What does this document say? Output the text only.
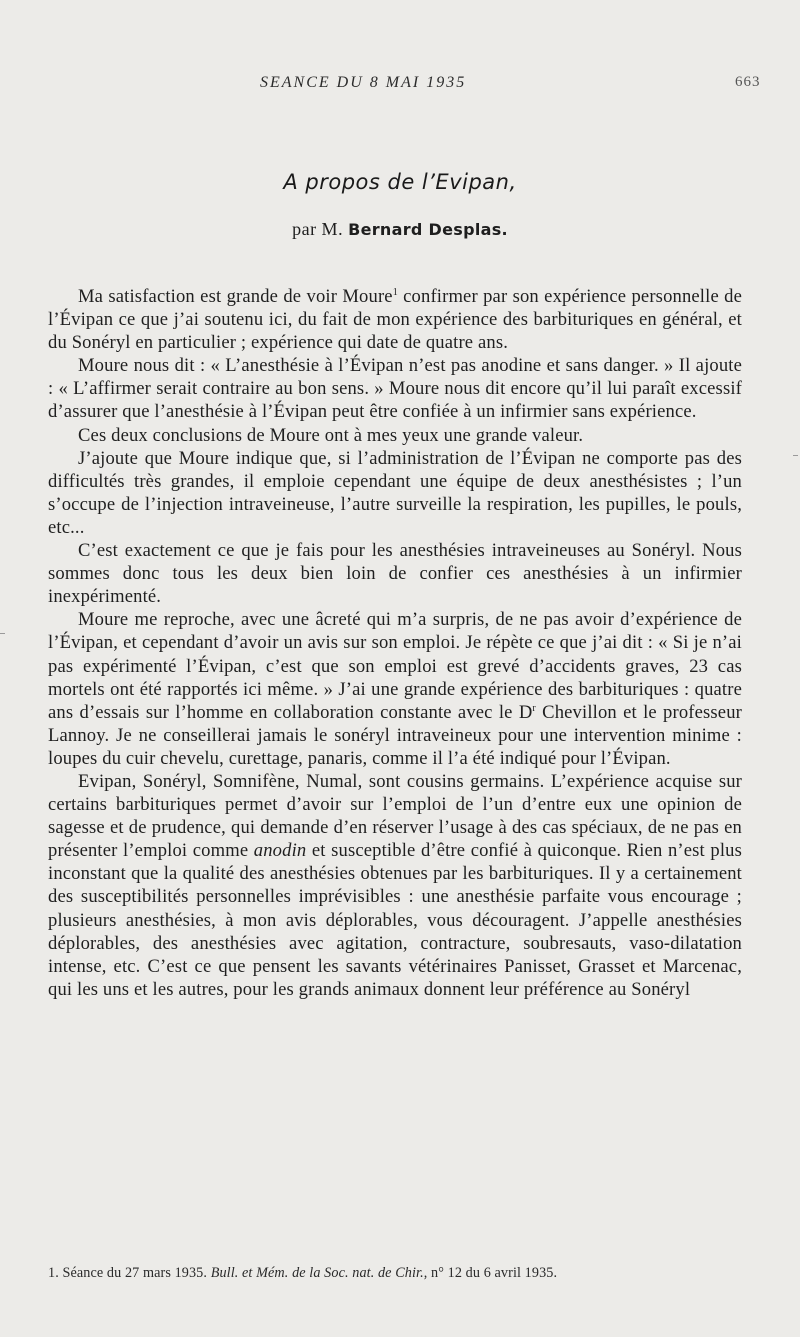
SEANCE DU 8 MAI 1935	663
A propos de l’Evipan,
par M. Bernard Desplas.

Ma satisfaction est grande de voir Moure$^1$ confirmer par son expérience personnelle de l’Évipan ce que j’ai soutenu ici, du fait de mon expérience des barbituriques en général, et du Sonéryl en particulier ; expérience qui date de quatre ans.

Moure nous dit : « L’anesthésie à l’Évipan n’est pas anodine et sans danger. » Il ajoute : « L’affirmer serait contraire au bon sens. » Moure nous dit encore qu’il lui paraît excessif d’assurer que l’anesthésie à l’Évipan peut être confiée à un infirmier sans expérience.

Ces deux conclusions de Moure ont à mes yeux une grande valeur.

J’ajoute que Moure indique que, si l’administration de l’Évipan ne comporte pas des difficultés très grandes, il emploie cependant une équipe de deux anesthésistes ; l’un s’occupe de l’injection intraveineuse, l’autre surveille la respiration, les pupilles, le pouls, etc...

C’est exactement ce que je fais pour les anesthésies intraveineuses au Sonéryl. Nous sommes donc tous les deux bien loin de confier ces anesthésies à un infirmier inexpérimenté.

Moure me reproche, avec une âcreté qui m’a surpris, de ne pas avoir d’expérience de l’Évipan, et cependant d’avoir un avis sur son emploi. Je répète ce que j’ai dit : « Si je n’ai pas expérimenté l’Évipan, c’est que son emploi est grevé d’accidents graves, 23 cas mortels ont été rapportés ici même. » J’ai une grande expérience des barbituriques : quatre ans d’essais sur l’homme en collaboration constante avec le $D^r$ Chevillon et le professeur Lannoy. Je ne conseillerai jamais le sonéryl intraveineux pour une intervention minime : loupes du cuir chevelu, curettage, panaris, comme il l’a été indiqué pour l’Évipan.

Evipan, Sonéryl, Somnifène, Numal, sont cousins germains. L’expérience acquise sur certains barbituriques permet d’avoir sur l’emploi de l’un d’entre eux une opinion de sagesse et de prudence, qui demande d’en réserver l’usage à des cas spéciaux, de ne pas en présenter l’emploi comme anodin et susceptible d’être confié à quiconque. Rien n’est plus inconstant que la qualité des anesthésies obtenues par les barbituriques. Il y a certainement des susceptibilités personnelles imprévisibles : une anesthésie parfaite vous encourage ; plusieurs anesthésies, à mon avis déplorables, vous découragent. J’appelle anesthésies déplorables, des anesthésies avec agitation, contracture, soubresauts, vaso-dilatation intense, etc. C’est ce que pensent les savants vétérinaires Panisset, Grasset et Marcenac, qui les uns et les autres, pour les grands animaux donnent leur préférence au Sonéryl

1. Séance du 27 mars 1935. Bull. et Mém. de la Soc. nat. de Chir., n° 12 du 6 avril 1935.
